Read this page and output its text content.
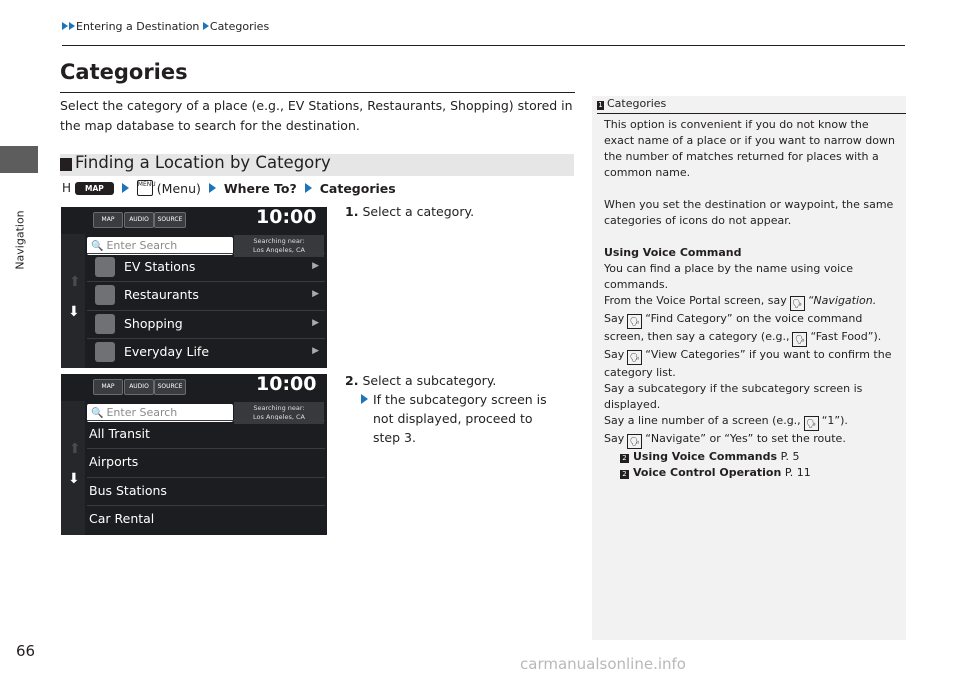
Entering a Destination Categories
Navigation
Categories
Select the category of a place (e.g., EV Stations, Restaurants, Shopping) stored in the map database to search for the destination.
Finding a Location by Category
H	MAP	MENU (Menu) Where To? Categories
MAP	AUDIO	SOURCE	10:00
⬆
⬇
🔍 Enter Search	Searching near:
Los Angeles, CA
EV Stations	▶
Restaurants	▶
Shopping	▶
Everyday Life	▶
1. Select a category.
2. Select a subcategory.
If the subcategory screen is not displayed, proceed to step 3.
MAP	AUDIO	SOURCE	10:00
⬆
⬇
🔍 Enter Search	Searching near:
Los Angeles, CA
All Transit
Airports
Bus Stations
Car Rental
1 Categories

This option is convenient if you do not know the exact name of a place or if you want to narrow down the number of matches returned for places with a common name.

When you set the destination or waypoint, the same categories of icons do not appear.

Using Voice Command

You can find a place by the name using voice commands.

From the Voice Portal screen, say 🗣 “Navigation.

Say 🗣 “Find Category” on the voice command screen, then say a category (e.g., 🗣 “Fast Food”).

Say 🗣 “View Categories” if you want to confirm the category list.

Say a subcategory if the subcategory screen is displayed.

Say a line number of a screen (e.g., 🗣 “1”).

Say 🗣 “Navigate” or “Yes” to set the route.

2 Using Voice Commands P. 5

2 Voice Control Operation P. 11

66
carmanualsonline.info
